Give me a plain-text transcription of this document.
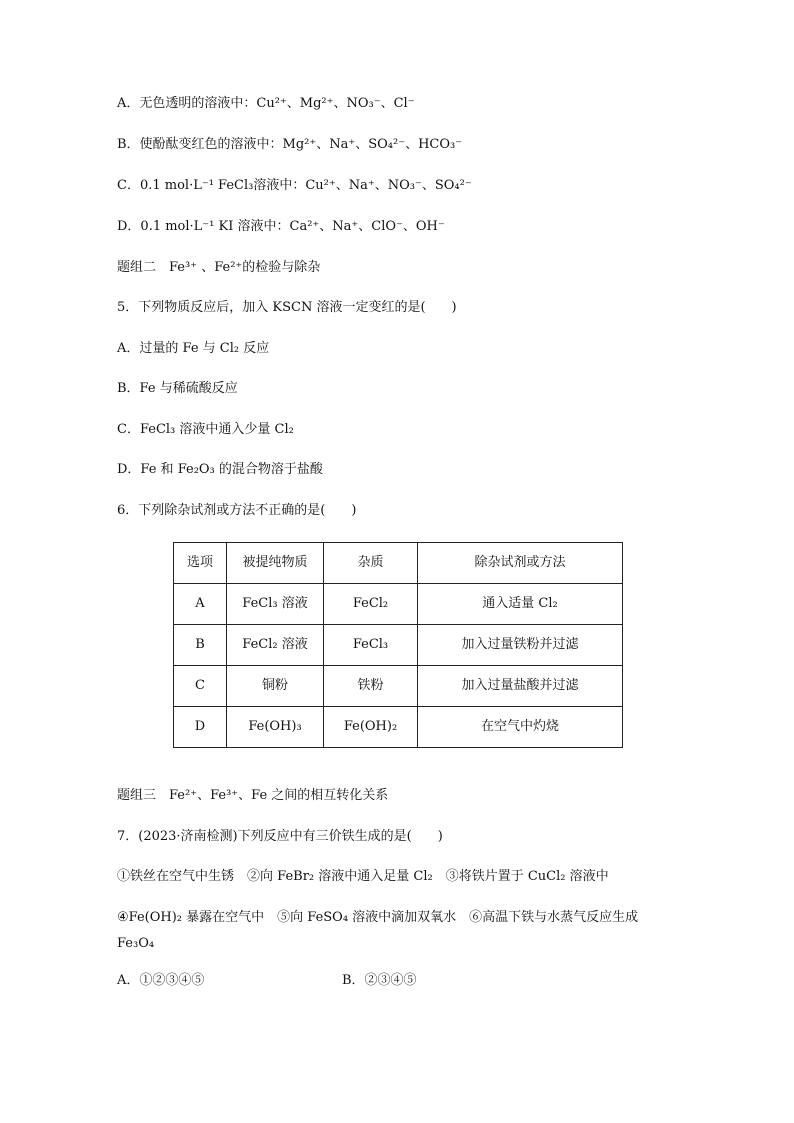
A．无色透明的溶液中：Cu²⁺、Mg²⁺、NO₃⁻、Cl⁻
B．使酚酞变红色的溶液中：Mg²⁺、Na⁺、SO₄²⁻、HCO₃⁻
C．0.1 mol·L⁻¹ FeCl₃溶液中：Cu²⁺、Na⁺、NO₃⁻、SO₄²⁻
D．0.1 mol·L⁻¹ KI 溶液中：Ca²⁺、Na⁺、ClO⁻、OH⁻
题组二　Fe³⁺ 、Fe²⁺的检验与除杂
5．下列物质反应后，加入 KSCN 溶液一定变红的是(　　)
A．过量的 Fe 与 Cl₂ 反应
B．Fe 与稀硫酸反应
C．FeCl₃ 溶液中通入少量 Cl₂
D．Fe 和 Fe₂O₃ 的混合物溶于盐酸
6．下列除杂试剂或方法不正确的是(　　)
选项	被提纯物质	杂质	除杂试剂或方法
A	FeCl₃ 溶液	FeCl₂	通入适量 Cl₂
B	FeCl₂ 溶液	FeCl₃	加入过量铁粉并过滤
C	铜粉	铁粉	加入过量盐酸并过滤
D	Fe(OH)₃	Fe(OH)₂	在空气中灼烧
题组三　Fe²⁺、Fe³⁺、Fe 之间的相互转化关系
7．(2023·济南检测)下列反应中有三价铁生成的是(　　)
①铁丝在空气中生锈　②向 FeBr₂ 溶液中通入足量 Cl₂　③将铁片置于 CuCl₂ 溶液中
④Fe(OH)₂ 暴露在空气中　⑤向 FeSO₄ 溶液中滴加双氧水　⑥高温下铁与水蒸气反应生成
Fe₃O₄
A．①②③④⑤	B．②③④⑤
